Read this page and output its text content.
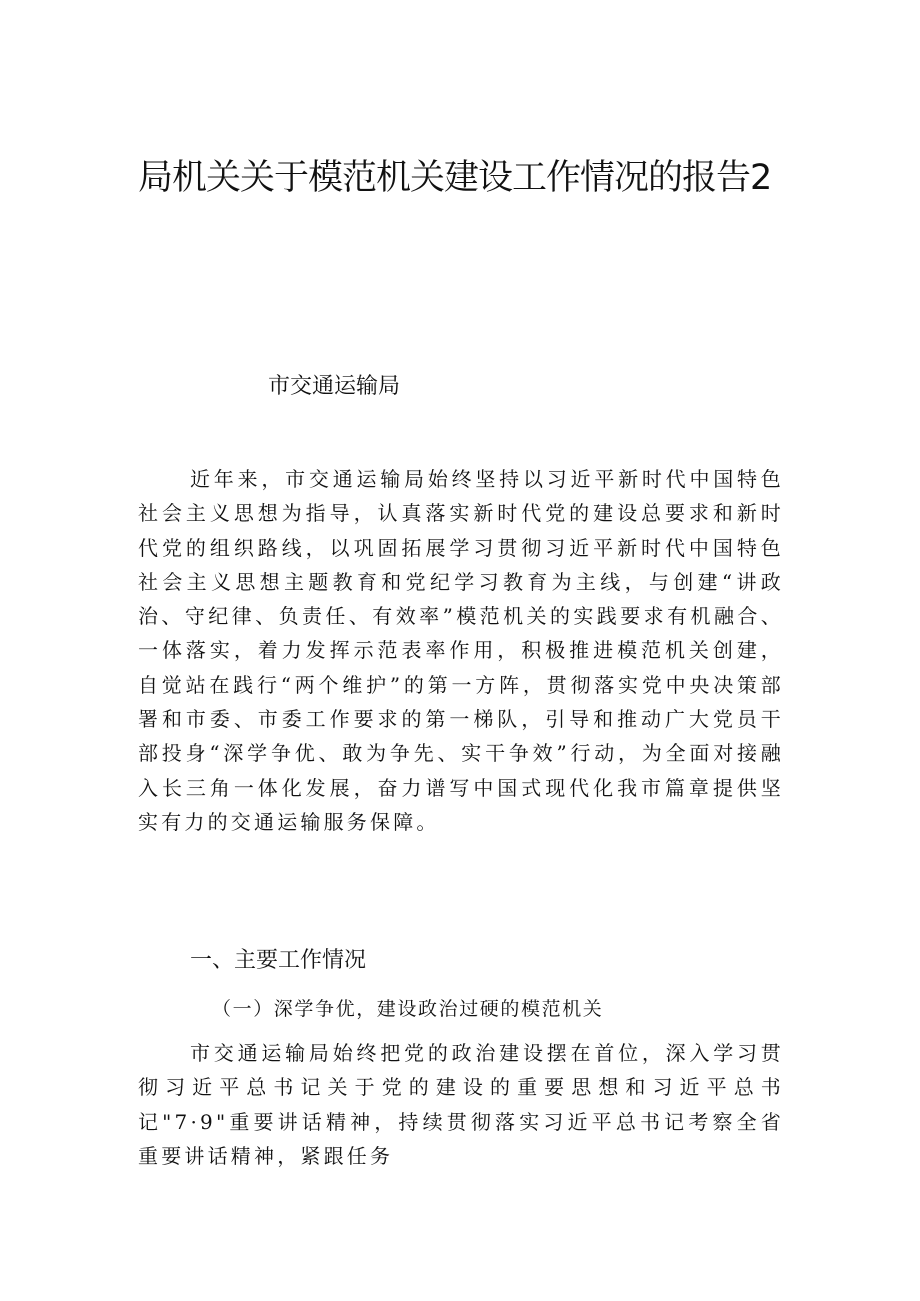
局机关关于模范机关建设工作情况的报告2
市交通运输局

近年来，市交通运输局始终坚持以习近平新时代中国特色社会主义思想为指导，认真落实新时代党的建设总要求和新时代党的组织路线，以巩固拓展学习贯彻习近平新时代中国特色社会主义思想主题教育和党纪学习教育为主线，与创建“讲政治、守纪律、负责任、有效率”模范机关的实践要求有机融合、一体落实，着力发挥示范表率作用，积极推进模范机关创建，自觉站在践行“两个维护”的第一方阵，贯彻落实党中央决策部署和市委、市委工作要求的第一梯队，引导和推动广大党员干部投身“深学争优、敢为争先、实干争效”行动，为全面对接融入长三角一体化发展，奋力谱写中国式现代化我市篇章提供坚实有力的交通运输服务保障。

一、主要工作情况
（一）深学争优，建设政治过硬的模范机关

市交通运输局始终把党的政治建设摆在首位，深入学习贯彻习近平总书记关于党的建设的重要思想和习近平总书记"7·9"重要讲话精神，持续贯彻落实习近平总书记考察全省重要讲话精神，紧跟任务
